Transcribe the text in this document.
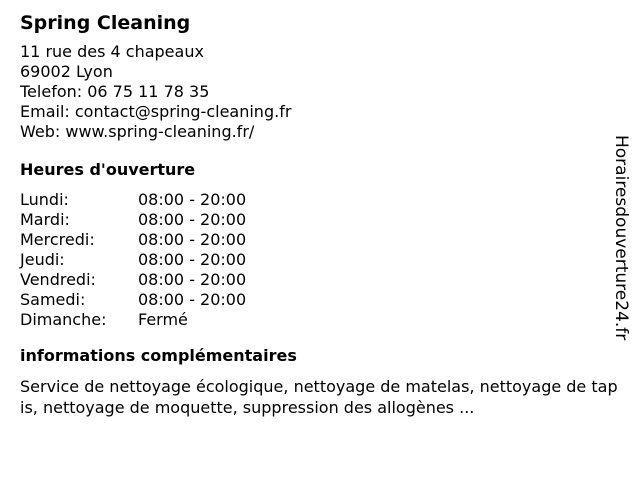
Spring Cleaning
11 rue des 4 chapeaux
69002 Lyon
Telefon: 06 75 11 78 35
Email: contact@spring-cleaning.fr
Web: www.spring-cleaning.fr/
Heures d'ouverture
Lundi:	08:00 - 20:00
Mardi:	08:00 - 20:00
Mercredi:	08:00 - 20:00
Jeudi:	08:00 - 20:00
Vendredi:	08:00 - 20:00
Samedi:	08:00 - 20:00
Dimanche:	Fermé
informations complémentaires
Service de nettoyage écologique, nettoyage de matelas, nettoyage de tapis, nettoyage de moquette, suppression des allogènes ...
Horairesdouverture24.fr
